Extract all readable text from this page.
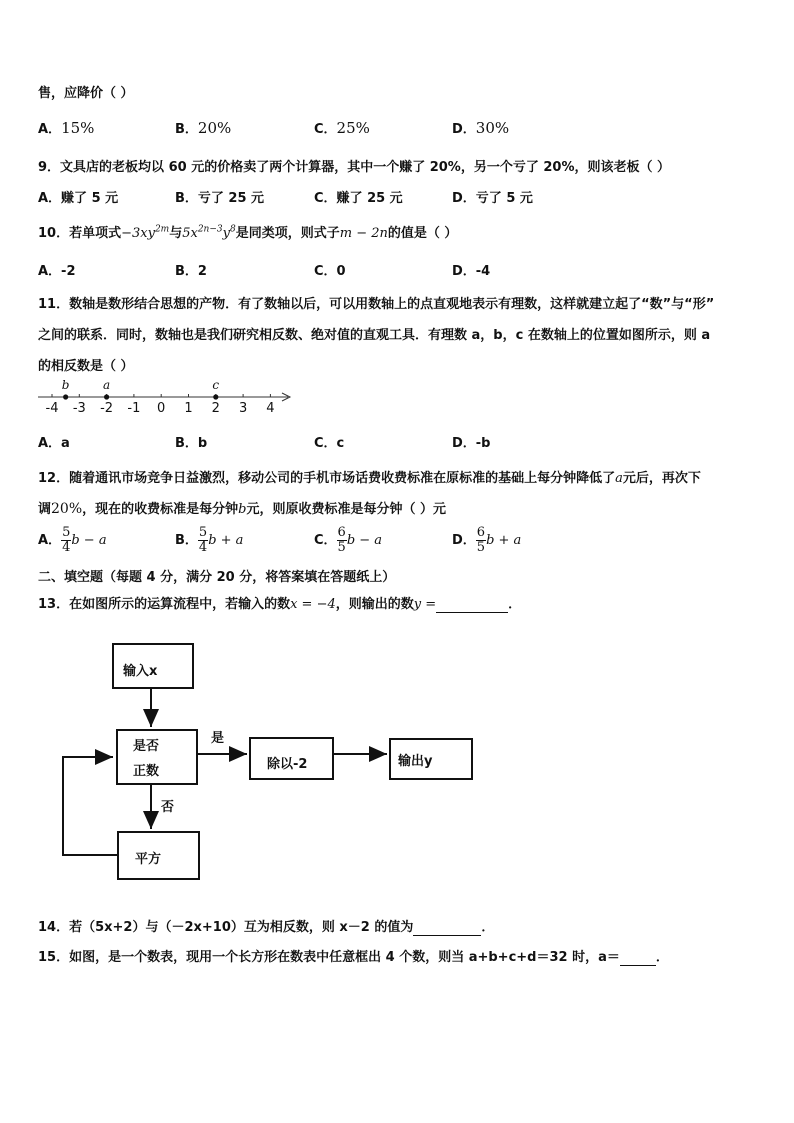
售，应降价（ ）
A．15%	B．20%	C．25%	D．30%
9．文具店的老板均以 60 元的价格卖了两个计算器，其中一个赚了 20%，另一个亏了 20%，则该老板（ ）
A．赚了 5 元	B．亏了 25 元	C．赚了 25 元	D．亏了 5 元
10．若单项式$-3xy^{2m}$与$5x^{2n-3}y^8$是同类项，则式子m − 2n的值是（ ）
A．-2	B．2	C．0	D．-4
11．数轴是数形结合思想的产物．有了数轴以后，可以用数轴上的点直观地表示有理数，这样就建立起了“数”与“形”
之间的联系．同时，数轴也是我们研究相反数、绝对值的直观工具．有理数 a，b，c 在数轴上的位置如图所示，则 a
的相反数是（ ）
-4 -3 -2 -1 0 1 2 3 4
b	a	c
A．a	B．b	C．c	D．-b
12．随着通讯市场竞争日益激烈，移动公司的手机市场话费收费标准在原标准的基础上每分钟降低了a元后，再次下
调20%，现在的收费标准是每分钟b元，则原收费标准是每分钟（ ）元
A． $\frac{5}{4}$ b − a	B． $\frac{5}{4}$ b + a	C． $\frac{6}{5}$ b − a	D． $\frac{6}{5}$ b + a
二、填空题（每题 4 分，满分 20 分，将答案填在答题纸上）
13．在如图所示的运算流程中，若输入的数x = −4，则输出的数y =	．
输入x
是否
正数
是
否
除以-2	输出y
平方
14．若（5x+2）与（－2x+10）互为相反数，则 x－2 的值为	．
15．如图，是一个数表，现用一个长方形在数表中任意框出 4 个数，则当 a+b+c+d＝32 时，a＝	．
